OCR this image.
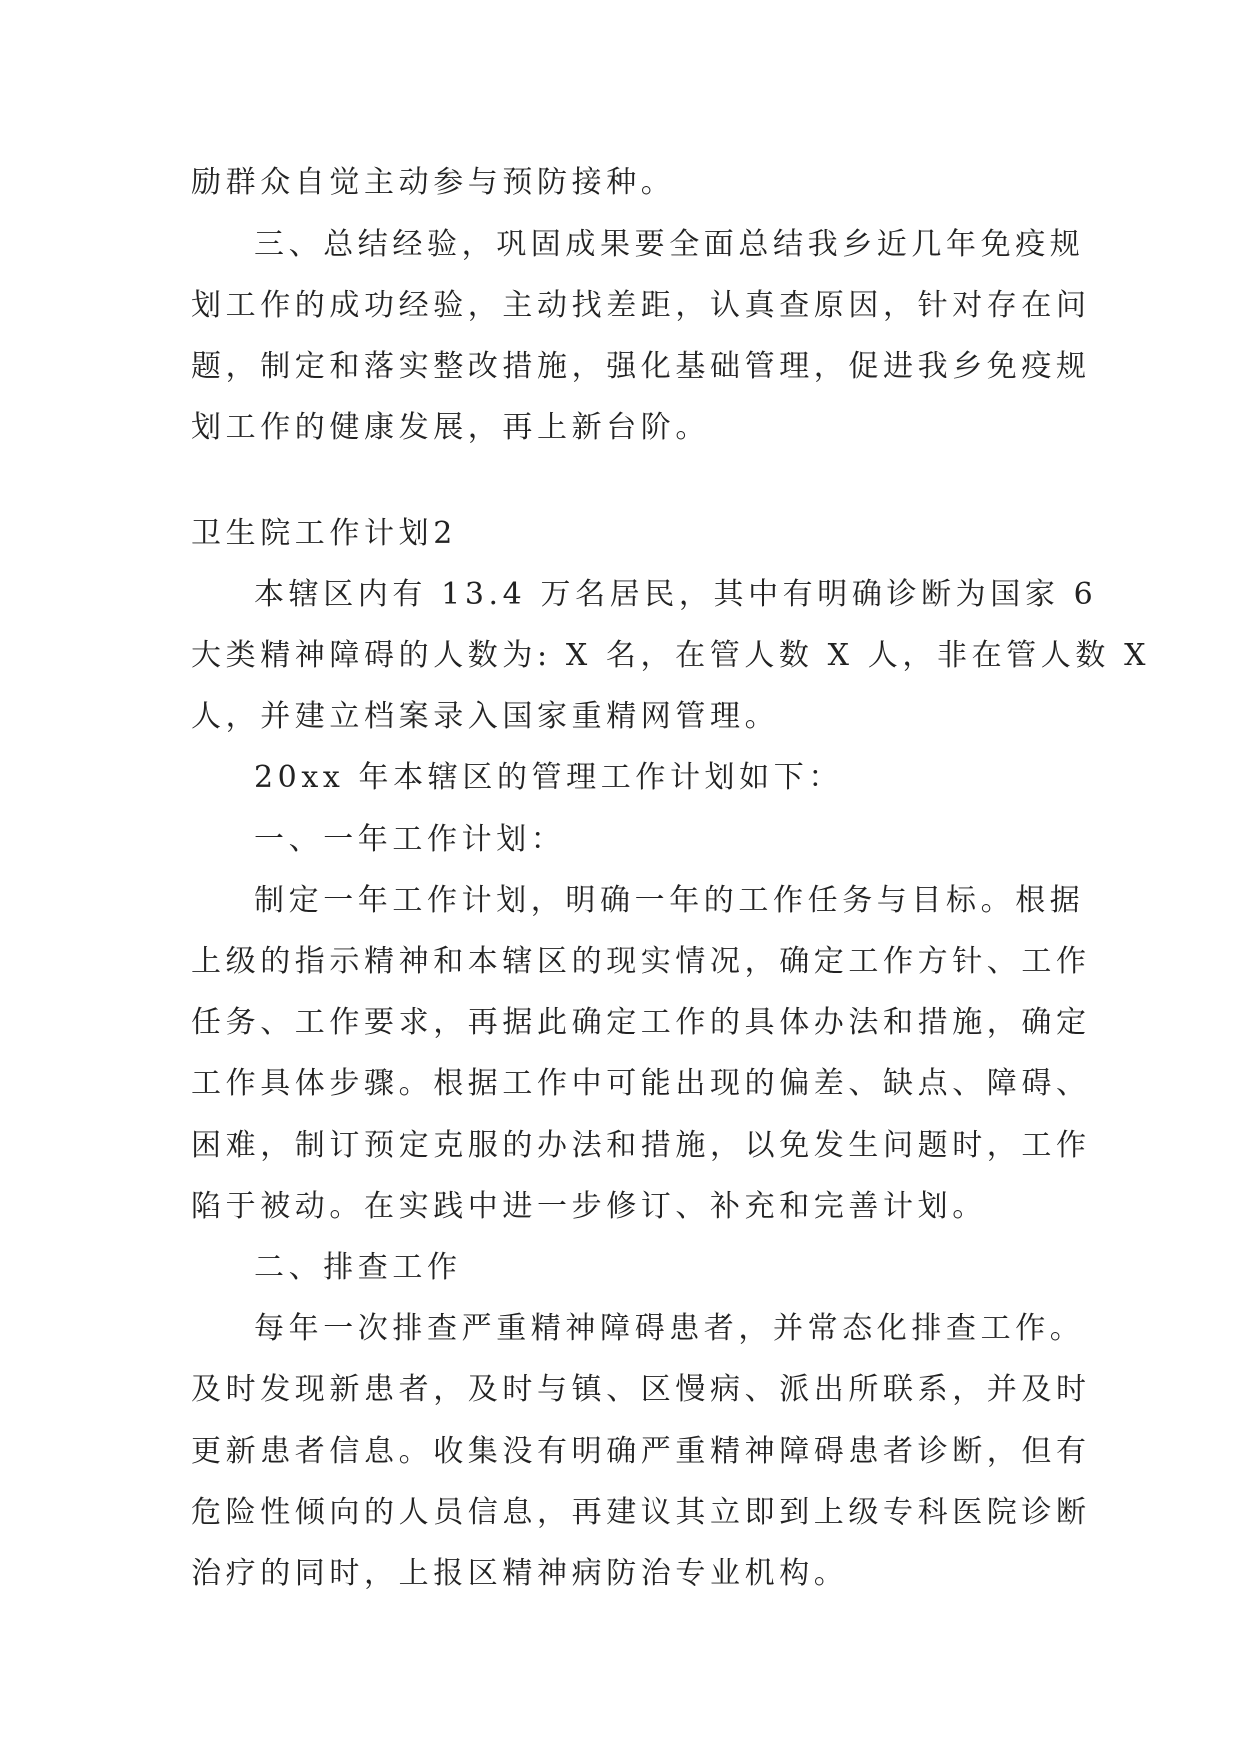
励群众自觉主动参与预防接种。

三、总结经验，巩固成果要全面总结我乡近几年免疫规

划工作的成功经验，主动找差距，认真查原因，针对存在问

题，制定和落实整改措施，强化基础管理，促进我乡免疫规

划工作的健康发展，再上新台阶。

卫生院工作计划2

本辖区内有 13.4 万名居民，其中有明确诊断为国家 6

大类精神障碍的人数为: X 名，在管人数 X 人，非在管人数 X

人，并建立档案录入国家重精网管理。

20xx 年本辖区的管理工作计划如下：

一、一年工作计划：

制定一年工作计划，明确一年的工作任务与目标。根据

上级的指示精神和本辖区的现实情况，确定工作方针、工作

任务、工作要求，再据此确定工作的具体办法和措施，确定

工作具体步骤。根据工作中可能出现的偏差、缺点、障碍、

困难，制订预定克服的办法和措施，以免发生问题时，工作

陷于被动。在实践中进一步修订、补充和完善计划。

二、排查工作

每年一次排查严重精神障碍患者，并常态化排查工作。

及时发现新患者，及时与镇、区慢病、派出所联系，并及时

更新患者信息。收集没有明确严重精神障碍患者诊断，但有

危险性倾向的人员信息，再建议其立即到上级专科医院诊断

治疗的同时，上报区精神病防治专业机构。
